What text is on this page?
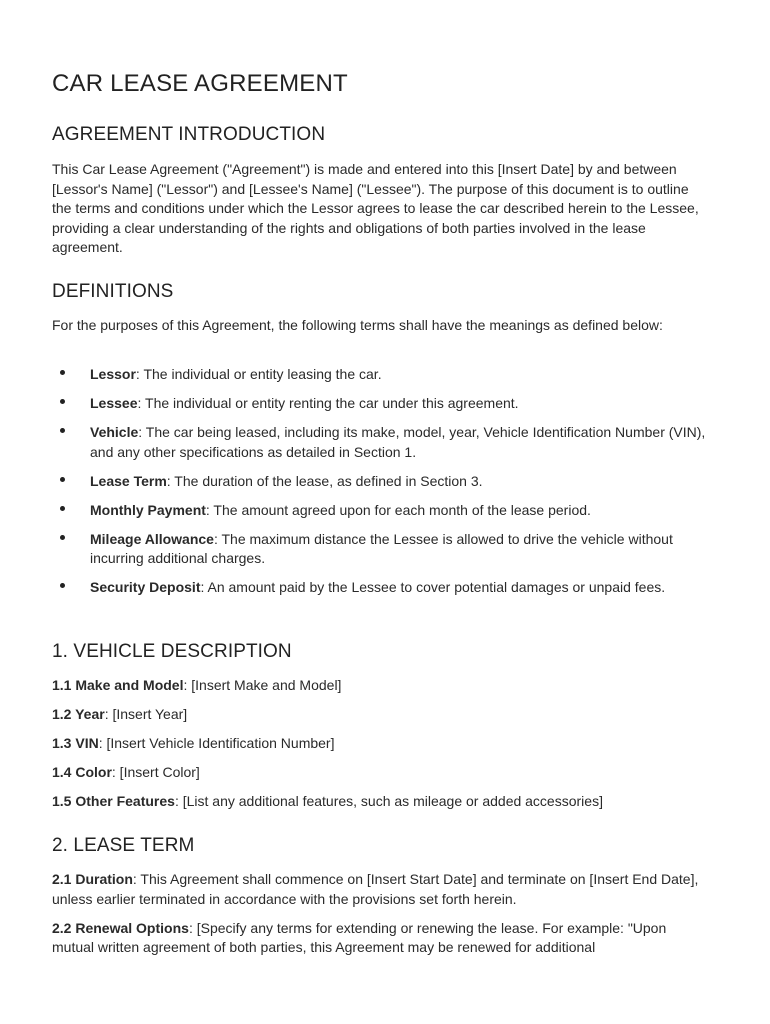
CAR LEASE AGREEMENT
AGREEMENT INTRODUCTION

This Car Lease Agreement ("Agreement") is made and entered into this [Insert Date] by and between [Lessor's Name] ("Lessor") and [Lessee's Name] ("Lessee"). The purpose of this document is to outline the terms and conditions under which the Lessor agrees to lease the car described herein to the Lessee, providing a clear understanding of the rights and obligations of both parties involved in the lease agreement.

DEFINITIONS

For the purposes of this Agreement, the following terms shall have the meanings as defined below:

Lessor: The individual or entity leasing the car.
Lessee: The individual or entity renting the car under this agreement.
Vehicle: The car being leased, including its make, model, year, Vehicle Identification Number (VIN), and any other specifications as detailed in Section 1.
Lease Term: The duration of the lease, as defined in Section 3.
Monthly Payment: The amount agreed upon for each month of the lease period.
Mileage Allowance: The maximum distance the Lessee is allowed to drive the vehicle without incurring additional charges.
Security Deposit: An amount paid by the Lessee to cover potential damages or unpaid fees.
1. VEHICLE DESCRIPTION

1.1 Make and Model: [Insert Make and Model]

1.2 Year: [Insert Year]

1.3 VIN: [Insert Vehicle Identification Number]

1.4 Color: [Insert Color]

1.5 Other Features: [List any additional features, such as mileage or added accessories]

2. LEASE TERM

2.1 Duration: This Agreement shall commence on [Insert Start Date] and terminate on [Insert End Date], unless earlier terminated in accordance with the provisions set forth herein.

2.2 Renewal Options: [Specify any terms for extending or renewing the lease. For example: "Upon mutual written agreement of both parties, this Agreement may be renewed for additional
